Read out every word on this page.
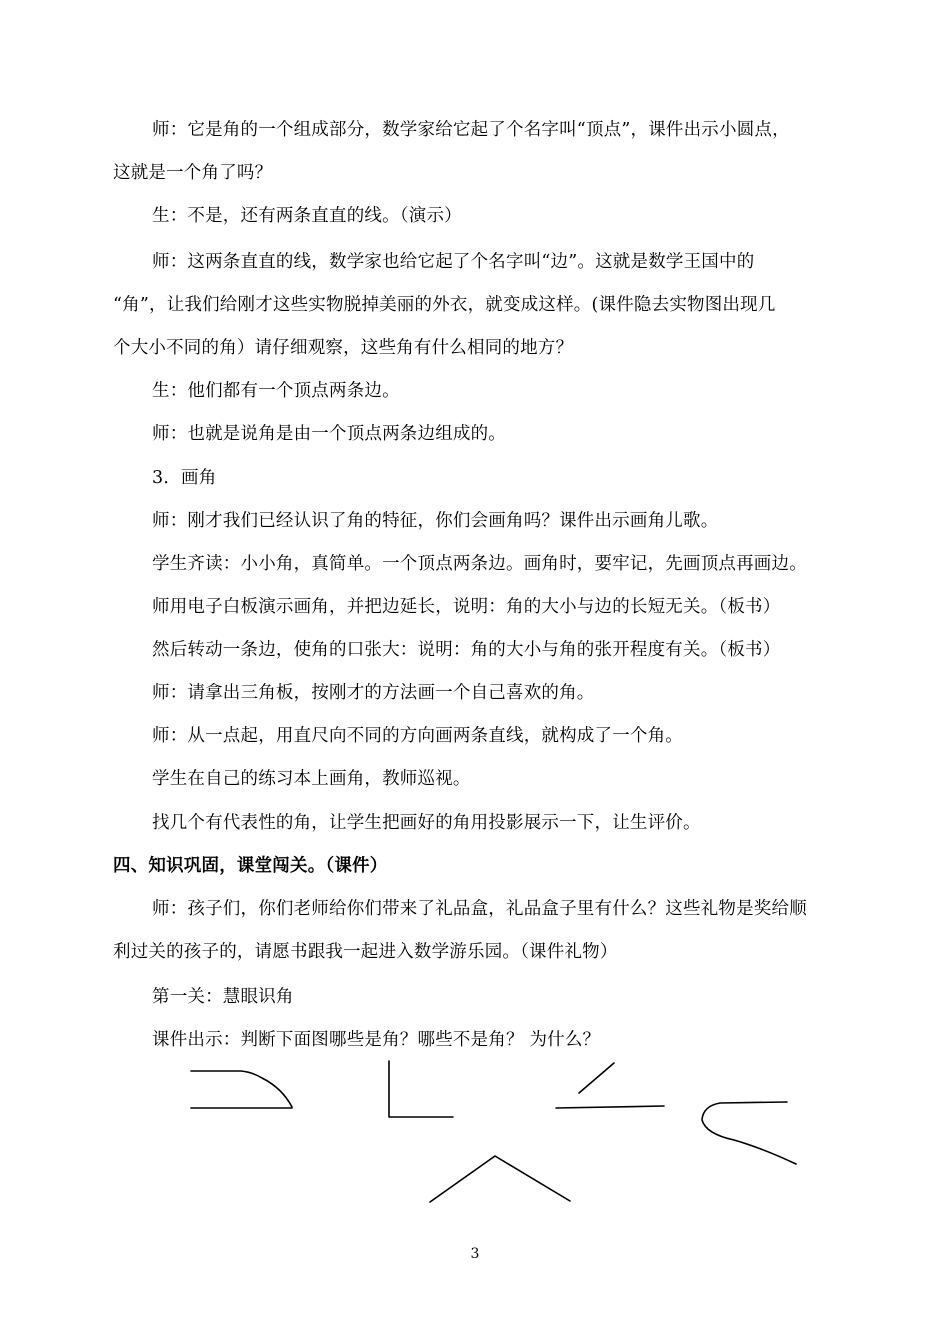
师：它是角的一个组成部分，数学家给它起了个名字叫“顶点”，课件出示小圆点，
这就是一个角了吗？
生：不是，还有两条直直的线。（演示）
师：这两条直直的线，数学家也给它起了个名字叫“边”。这就是数学王国中的
“角”，让我们给刚才这些实物脱掉美丽的外衣，就变成这样。(课件隐去实物图出现几
个大小不同的角）请仔细观察，这些角有什么相同的地方？
生：他们都有一个顶点两条边。
师：也就是说角是由一个顶点两条边组成的。
3．画角
师：刚才我们已经认识了角的特征，你们会画角吗？课件出示画角儿歌。
学生齐读：小小角，真简单。一个顶点两条边。画角时，要牢记，先画顶点再画边。
师用电子白板演示画角，并把边延长，说明：角的大小与边的长短无关。（板书）
然后转动一条边，使角的口张大：说明：角的大小与角的张开程度有关。（板书）
师：请拿出三角板，按刚才的方法画一个自己喜欢的角。
师：从一点起，用直尺向不同的方向画两条直线，就构成了一个角。
学生在自己的练习本上画角，教师巡视。
找几个有代表性的角，让学生把画好的角用投影展示一下，让生评价。
四、知识巩固，课堂闯关。（课件）
师：孩子们，你们老师给你们带来了礼品盒，礼品盒子里有什么？这些礼物是奖给顺
利过关的孩子的，请愿书跟我一起进入数学游乐园。（课件礼物）
第一关：慧眼识角
课件出示：判断下面图哪些是角？哪些不是角？ 为什么？
3
